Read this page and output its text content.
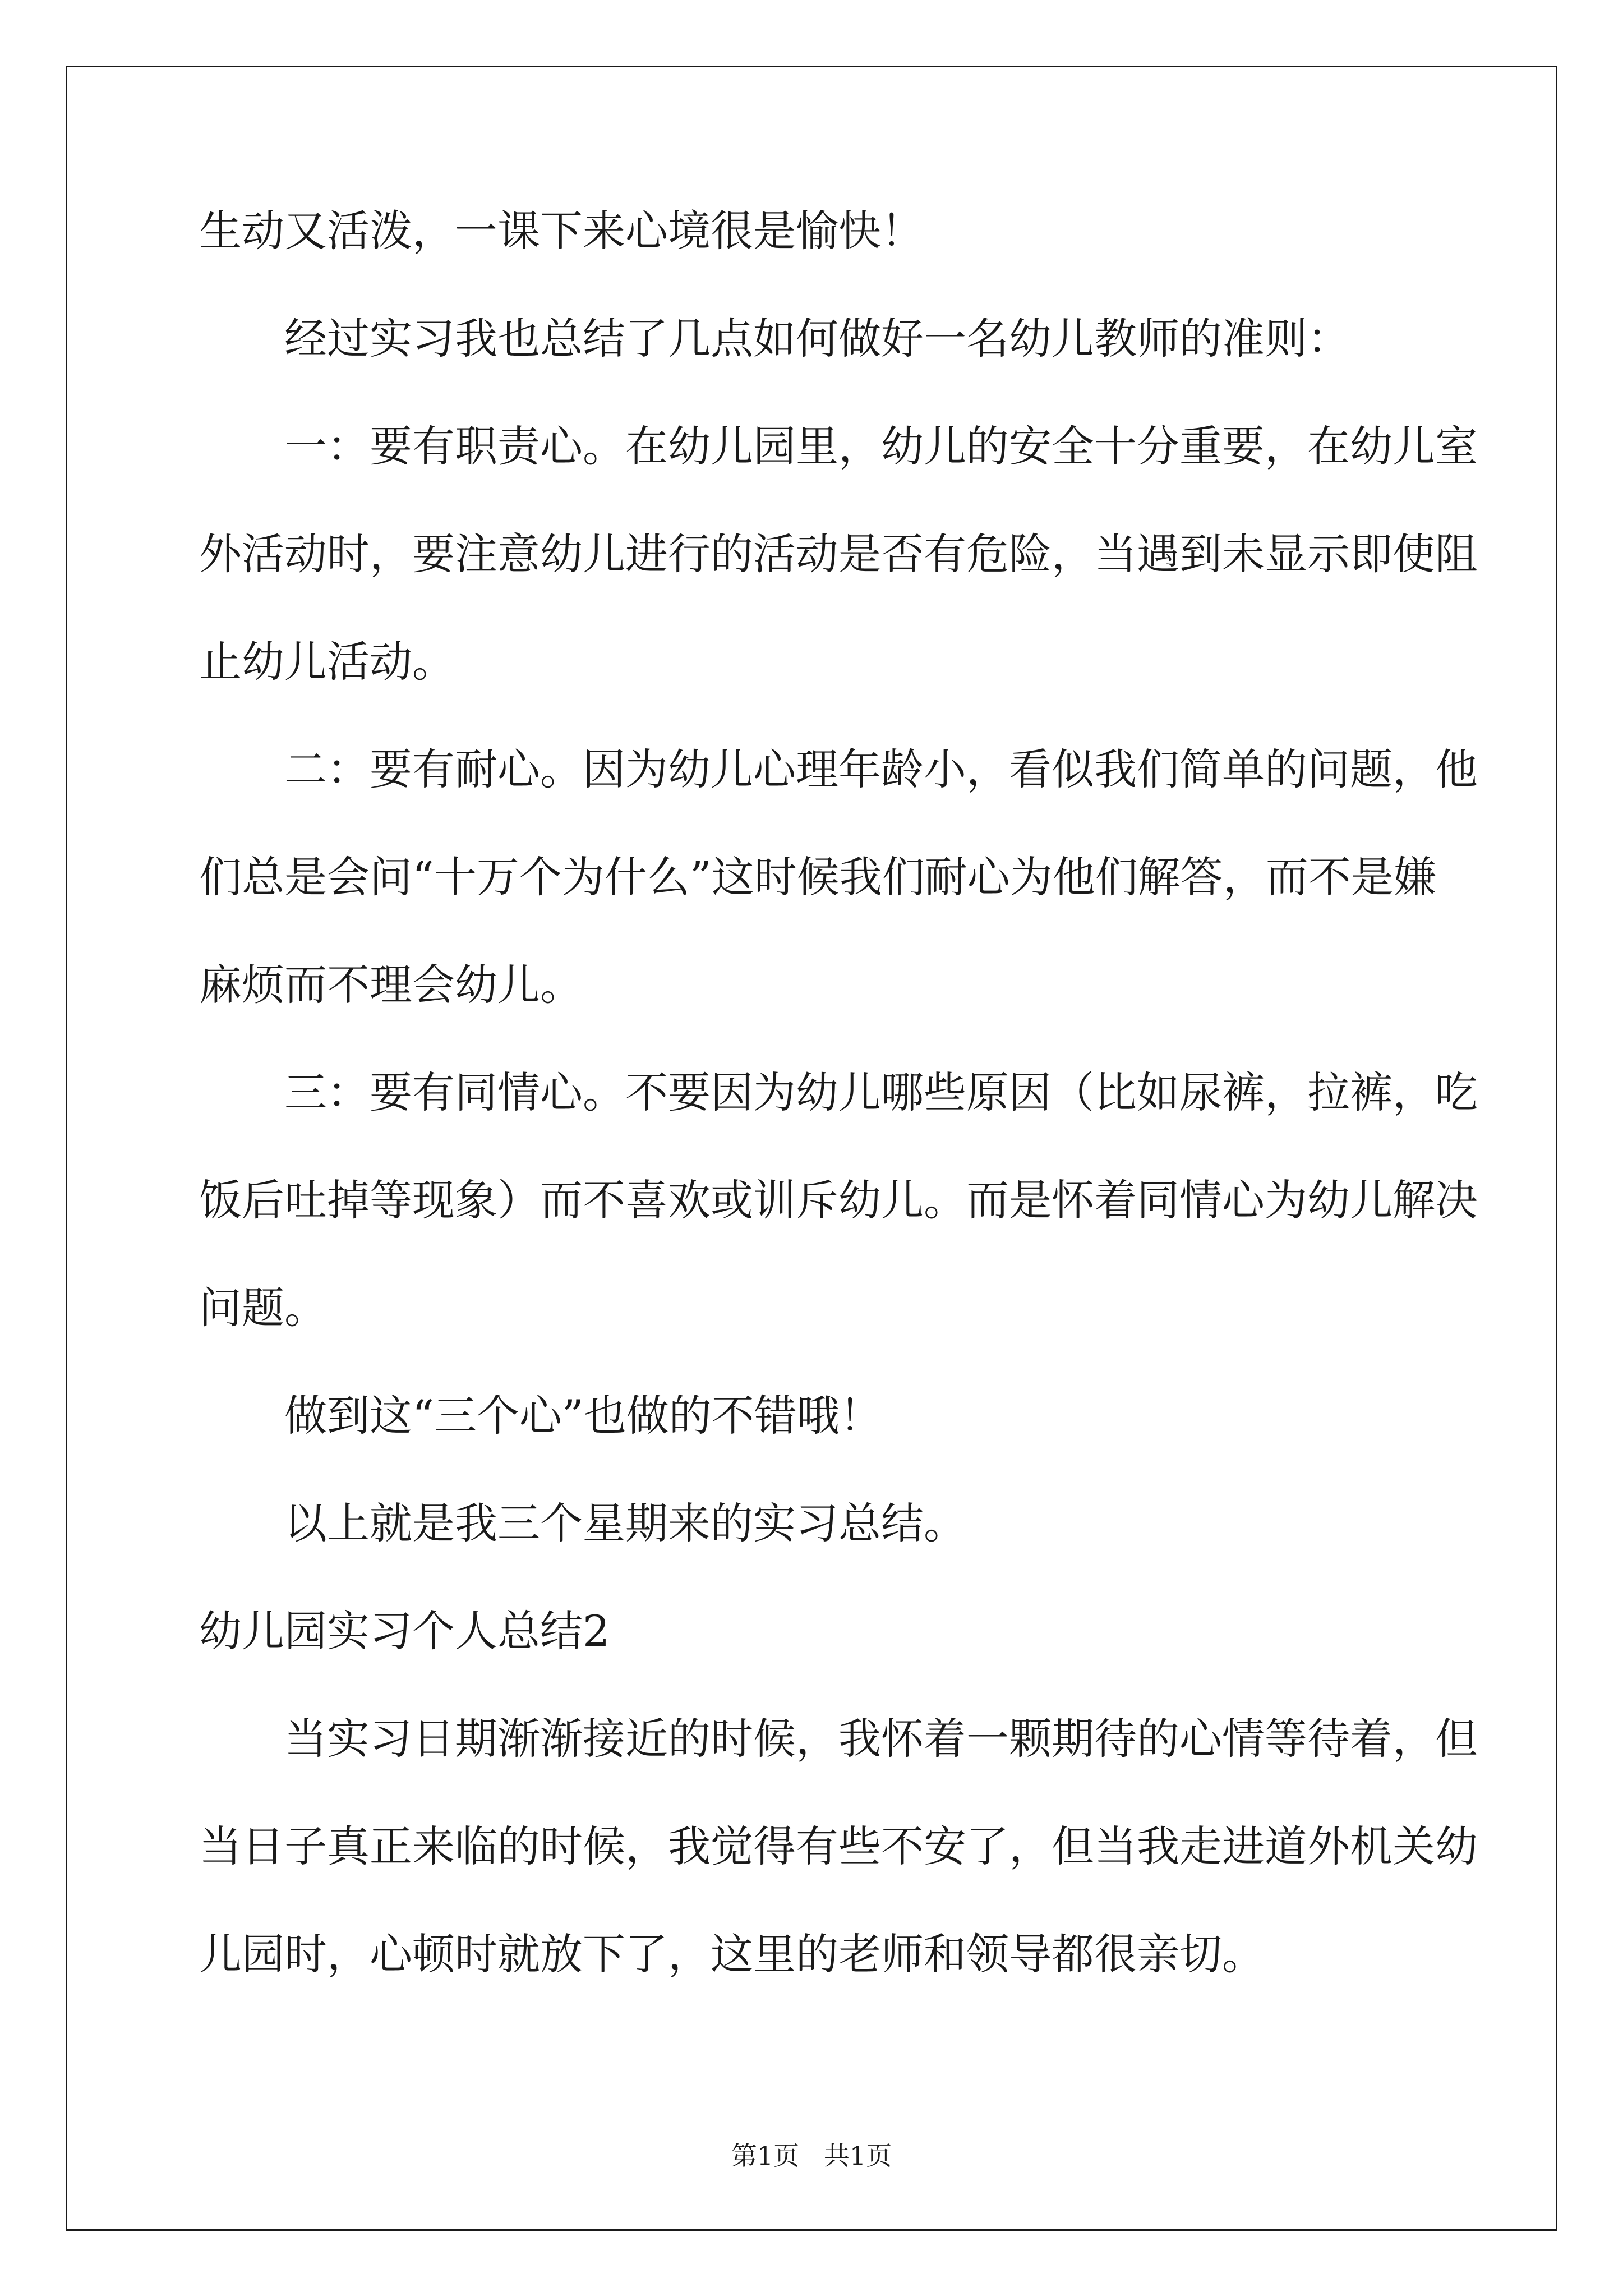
生动又活泼，一课下来心境很是愉快！
经过实习我也总结了几点如何做好一名幼儿教师的准则：
一：要有职责心。在幼儿园里，幼儿的安全十分重要，在幼儿室
外活动时，要注意幼儿进行的活动是否有危险，当遇到未显示即使阻
止幼儿活动。
二：要有耐心。因为幼儿心理年龄小，看似我们简单的问题，他
们总是会问“十万个为什么”这时候我们耐心为他们解答，而不是嫌
麻烦而不理会幼儿。
三：要有同情心。不要因为幼儿哪些原因（比如尿裤，拉裤，吃
饭后吐掉等现象）而不喜欢或训斥幼儿。而是怀着同情心为幼儿解决
问题。
做到这“三个心”也做的不错哦！
以上就是我三个星期来的实习总结。
幼儿园实习个人总结2
当实习日期渐渐接近的时候，我怀着一颗期待的心情等待着，但
当日子真正来临的时候，我觉得有些不安了，但当我走进道外机关幼
儿园时，心顿时就放下了，这里的老师和领导都很亲切。
第1页   共1页
